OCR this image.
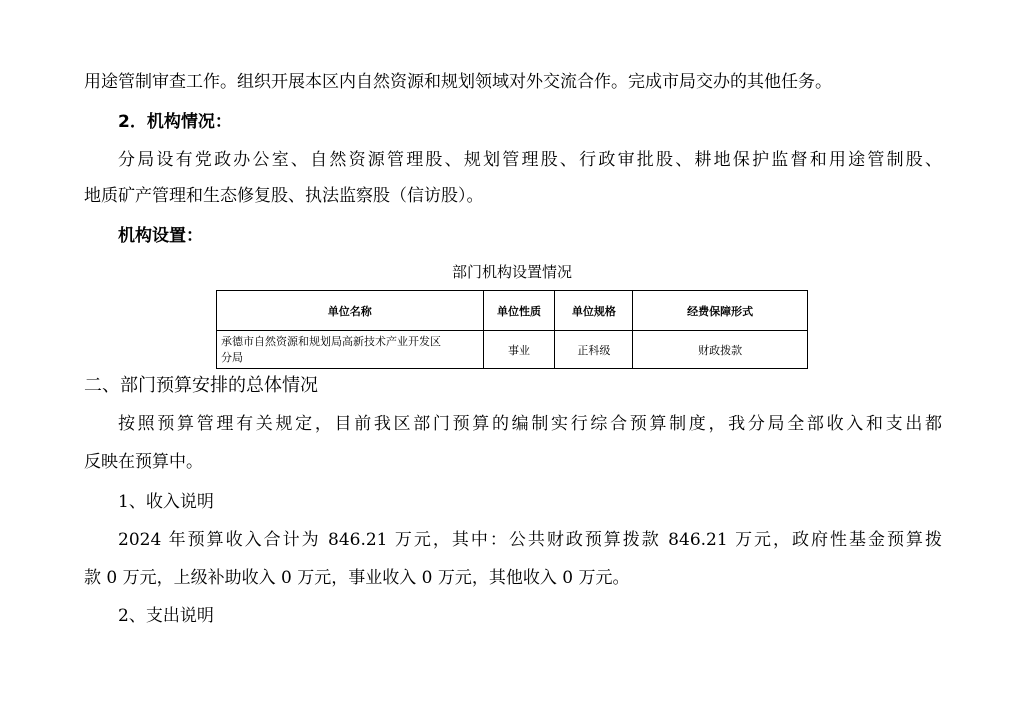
用途管制审查工作。组织开展本区内自然资源和规划领域对外交流合作。完成市局交办的其他任务。
2．机构情况：
分局设有党政办公室、自然资源管理股、规划管理股、行政审批股、耕地保护监督和用途管制股、
地质矿产管理和生态修复股、执法监察股（信访股）。
机构设置：
部门机构设置情况
单位名称	单位性质	单位规格	经费保障形式
承德市自然资源和规划局高新技术产业开发区
分局	事业	正科级	财政拨款
二、部门预算安排的总体情况
按照预算管理有关规定，目前我区部门预算的编制实行综合预算制度，我分局全部收入和支出都
反映在预算中。
1、收入说明
2024 年预算收入合计为 846.21 万元，其中：公共财政预算拨款 846.21 万元，政府性基金预算拨
款 0 万元，上级补助收入 0 万元，事业收入 0 万元，其他收入 0 万元。
2、支出说明
